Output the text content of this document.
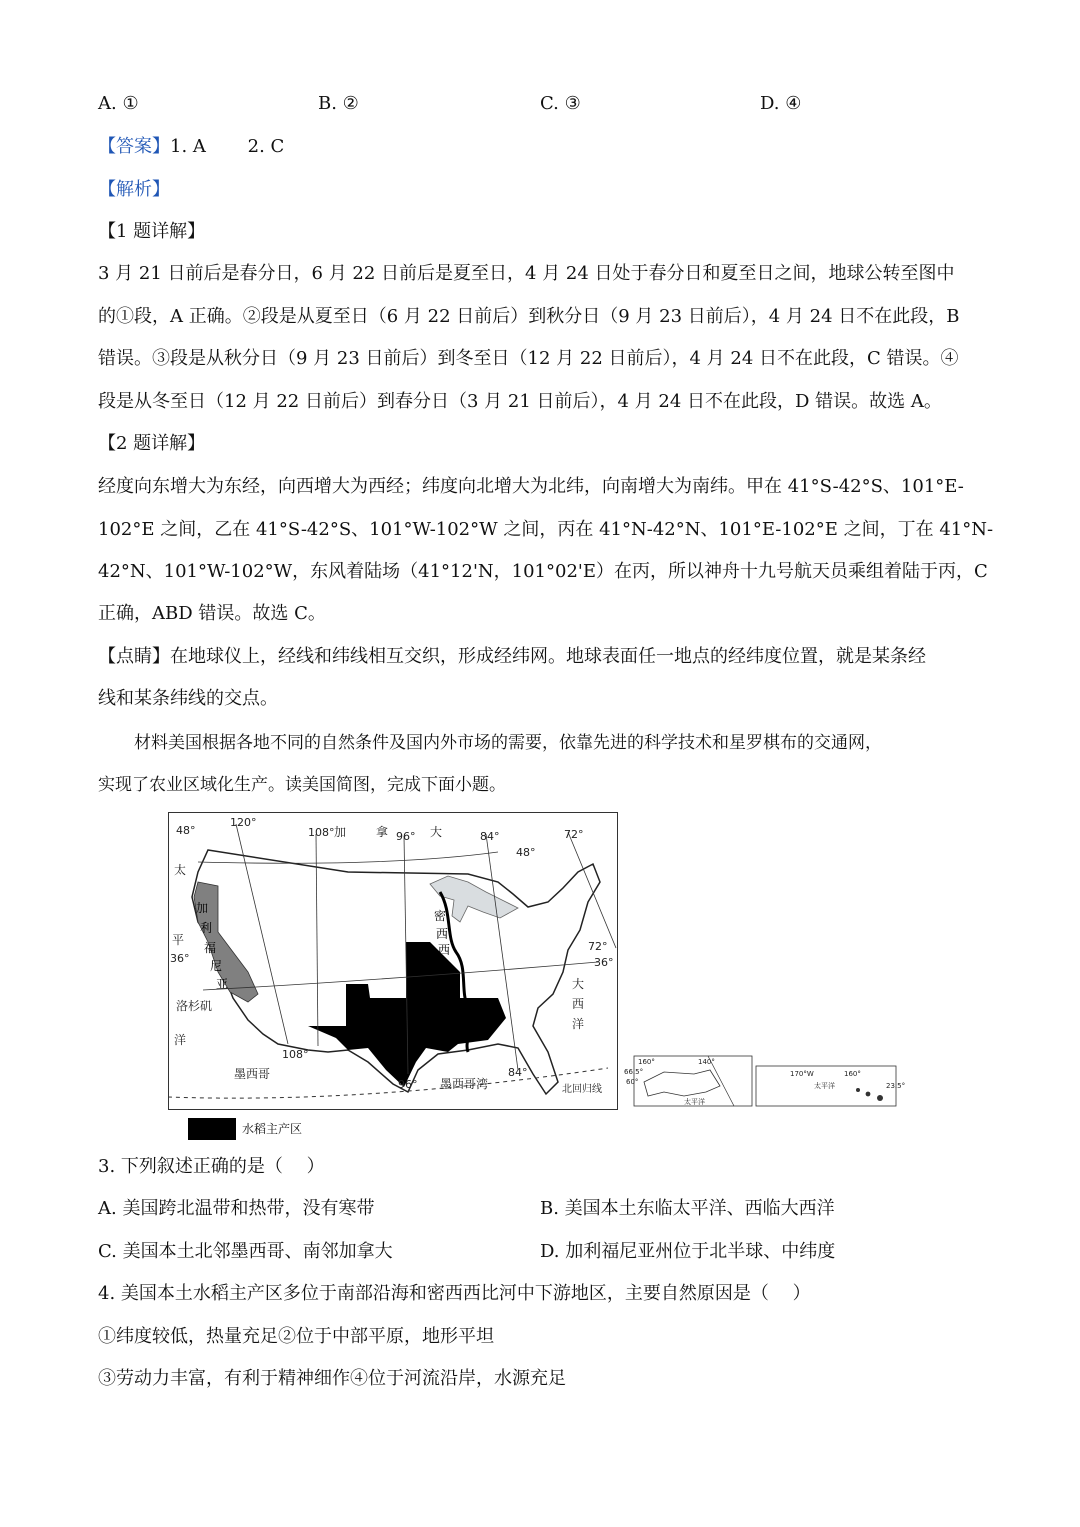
A. ①	B. ②	C. ③	D. ④
【答案】1. A　　 2. C
【解析】
【1 题详解】
3 月 21 日前后是春分日，6 月 22 日前后是夏至日，4 月 24 日处于春分日和夏至日之间，地球公转至图中
的①段，A 正确。②段是从夏至日（6 月 22 日前后）到秋分日（9 月 23 日前后），4 月 24 日不在此段，B
错误。③段是从秋分日（9 月 23 日前后）到冬至日（12 月 22 日前后），4 月 24 日不在此段，C 错误。④
段是从冬至日（12 月 22 日前后）到春分日（3 月 21 日前后），4 月 24 日不在此段，D 错误。故选 A。
【2 题详解】
经度向东增大为东经，向西增大为西经；纬度向北增大为北纬，向南增大为南纬。甲在 41°S-42°S、101°E-
102°E 之间，乙在 41°S-42°S、101°W-102°W 之间，丙在 41°N-42°N、101°E-102°E 之间，丁在 41°N-
42°N、101°W-102°W，东风着陆场（41°12'N，101°02'E）在丙，所以神舟十九号航天员乘组着陆于丙，C
正确，ABD 错误。故选 C。
【点睛】在地球仪上，经线和纬线相互交织，形成经纬网。地球表面任一地点的经纬度位置，就是某条经
线和某条纬线的交点。
材料美国根据各地不同的自然条件及国内外市场的需要，依靠先进的科学技术和星罗棋布的交通网，
实现了农业区域化生产。读美国简图，完成下面小题。
48°
120°
108° 加 拿 96° 大	84°	72°
48°
太
平
洋
加
利
福
尼
亚
36°
洛杉矶
密
西
西
比
河
72°
36°
大
西
洋
108°
96°
84°
墨西哥
墨西哥湾	北回归线
160°	140°
66.5°
60°
太平洋
170°W	160°
太平洋	23.5°
水稻主产区
3. 下列叙述正确的是（　 ）
A. 美国跨北温带和热带，没有寒带	B. 美国本土东临太平洋、西临大西洋
C. 美国本土北邻墨西哥、南邻加拿大	D. 加利福尼亚州位于北半球、中纬度
4. 美国本土水稻主产区多位于南部沿海和密西西比河中下游地区，主要自然原因是（　 ）
①纬度较低，热量充足②位于中部平原，地形平坦
③劳动力丰富，有利于精神细作④位于河流沿岸，水源充足
